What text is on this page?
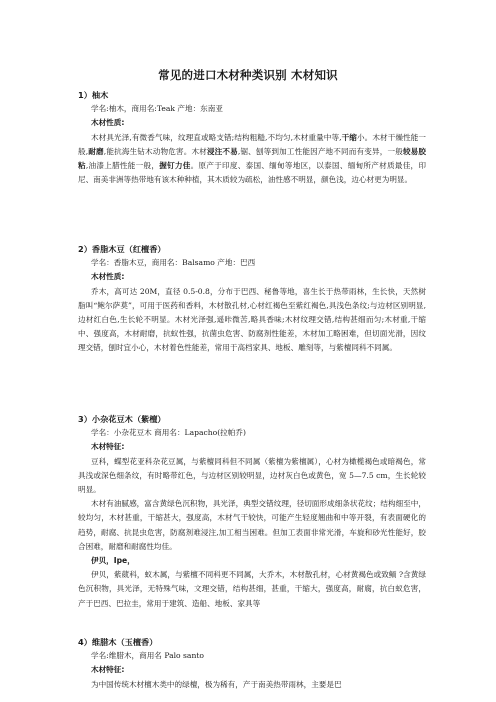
常见的进口木材种类识别 木材知识
1）柚木
学名:柚木，商用名:Teak 产地：东南亚
木材性质:
木材具光泽,有微香气味，纹理直或略支错;结构粗糙,不均匀,木材重量中等,干缩小。木材干燥性能一般,耐磨,能抗海生钻木动物危害。木材浸注不易,锯、刨等到加工性能因产地不同而有变异，一般较易胶粘,油漆上腊性能一般，握钉力佳。原产于印度、泰国、缅甸等地区，以泰国、缅甸所产材质最佳，印尼、南美非洲等热带地有该木种种植，其木质较为疏松，油性感不明显，颜色浅，边心材更为明显。
2）香脂木豆（红檀香）
学名：香脂木豆，商用名：Balsamo 产地：巴西
木材性质:
乔木，高可达 20M，直径 0.5-0.8，分布于巴西、秘鲁等地，喜生长于热带雨林，生长快，天然树脂叫“鲍尔萨莫”，可用于医药和香料，木材散孔材,心材红褐色至紫红褐色,具浅色条纹;与边材区别明显,边材红白色,生长轮不明显。木材光泽强,遥咔微苦,略具香味;木材纹理交错,结构甚细而匀;木材重,干缩中、强度高，木材耐磨，抗蚁性强，抗菌虫危害、防腐剂性能差，木材加工略困难，但切面光滑，因纹理交错，刨时宜小心，木材着色性能差，常用于高档家具、地板、雕刻等，与紫檀同科不同属。
3）小杂花豆木（紫檀）
学名：小杂花豆木 商用名：Lapacho(拉帕乔)
木材特征:
豆科，蝶型花亚科杂花豆属，与紫檀同科但不同属（紫檀为紫檀属），心材为橄榄褐色或暗褐色，常具浅或深色细条纹，有时略带红色，与边材区别较明显，边材灰白色或黄色，宽 5—7.5 cm，生长轮较明显。
木材有油腻感，富含黄绿色沉积物，具光泽，典型交错纹理，径切面形成细条状花纹；结构细至中，较均匀，木材甚重，干缩甚大，强度高，木材气干较快，可能产生轻度翘曲和中等开裂，有表面硬化的趋势，耐腐、抗昆虫危害，防腐剂难浸注,加工相当困难。但加工表面非常光滑，车旋和砂光性能好，胶合困难，耐磨和耐腐性均佳。
伊贝，Ipe，
伊贝，紫葳科，蚁木属，与紫檀不同科更不同属，大乔木，木材散孔材，心材黄褐色或致鲕 ?含黄绿色沉积物，具光泽，无特殊气味，文理交错，结构甚细，甚重，干缩大，强度高，耐腐，抗白蚁危害，产于巴西、巴拉圭，常用于建筑、造船、地板、家具等
4）维腊木（玉檀香）
学名:维腊木，商用名 Palo santo
木材特征:
为中国传统木材檀木类中的绿檀，极为稀有，产于南美热带雨林，主要是巴
